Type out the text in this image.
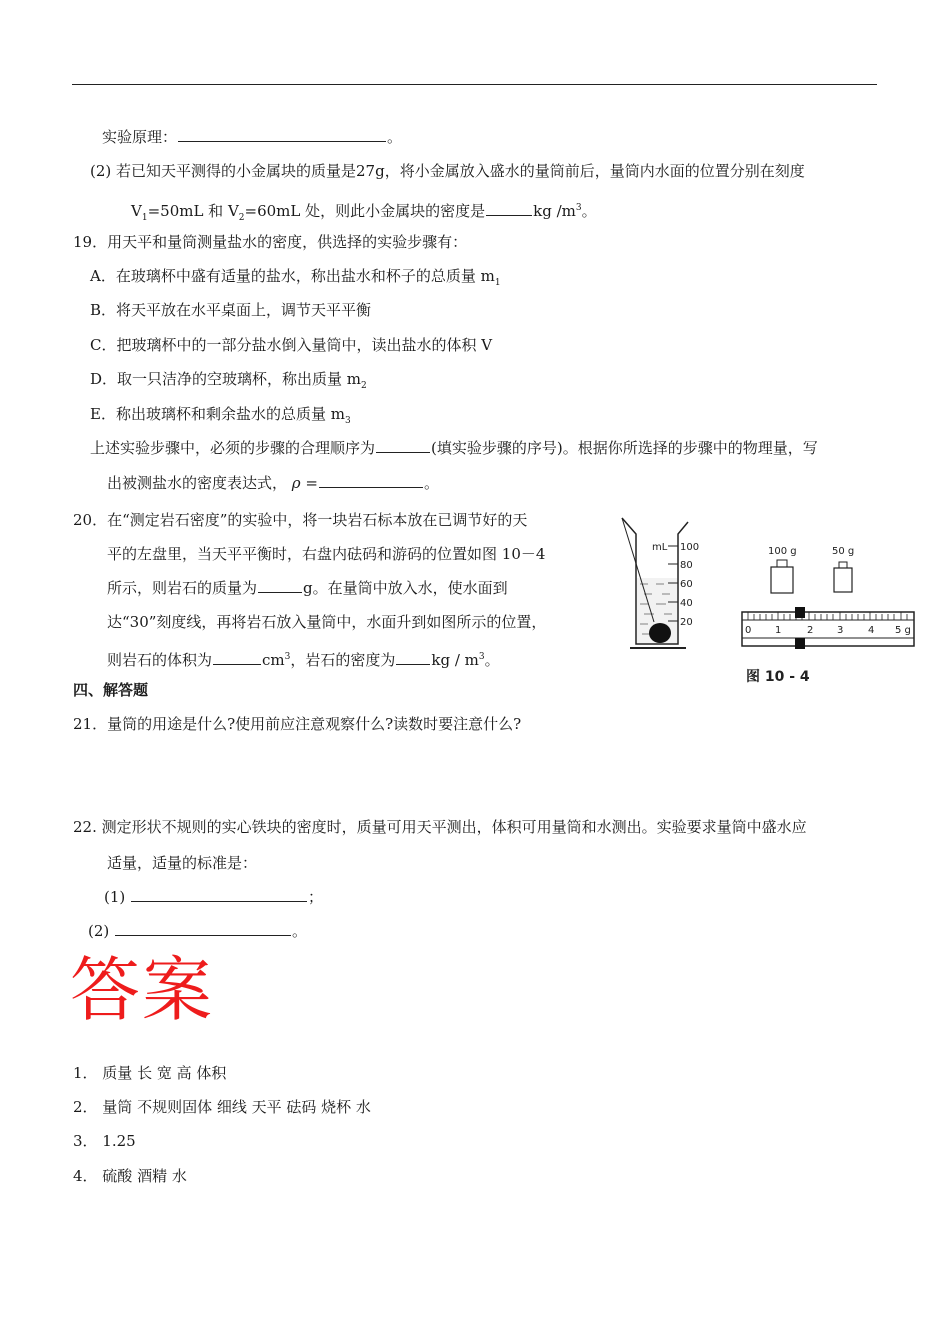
实验原理：	。
(2) 若已知天平测得的小金属块的质量是27g，将小金属放入盛水的量筒前后，量筒内水面的位置分别在刻度
$V_1=50mL$ 和 $V_2=60mL$ 处，则此小金属块的密度是	kg $/m^3$。
19．用天平和量筒测量盐水的密度，供选择的实验步骤有：
A．在玻璃杯中盛有适量的盐水，称出盐水和杯子的总质量 $m_1$
B．将天平放在水平桌面上，调节天平平衡
C．把玻璃杯中的一部分盐水倒入量筒中，读出盐水的体积 V
D．取一只洁净的空玻璃杯，称出质量 $m_2$
E．称出玻璃杯和剩余盐水的总质量 $m_3$
上述实验步骤中，必须的步骤的合理顺序为	(填实验步骤的序号)。根据你所选择的步骤中的物理量，写
出被测盐水的密度表达式， ρ =	。
20．在“测定岩石密度”的实验中，将一块岩石标本放在已调节好的天
平的左盘里，当天平平衡时，右盘内砝码和游码的位置如图 10－4
所示，则岩石的质量为	g。在量筒中放入水，使水面到
达“30”刻度线，再将岩石放入量筒中，水面升到如图所示的位置，
则岩石的体积为	$cm^3$，岩石的密度为 kg / $m^3$。
mL 100
80
60
40
20
100 g	50 g
0 1	2 3 4 5 g
图 10 - 4
四、解答题
21．量筒的用途是什么?使用前应注意观察什么?读数时要注意什么?
22. 测定形状不规则的实心铁块的密度时，质量可用天平测出，体积可用量筒和水测出。实验要求量筒中盛水应
适量，适量的标准是：
(1)	；
(2)	。
答案
1． 质量 长 宽 高 体积
2． 量筒 不规则固体 细线 天平 砝码 烧杯 水
3． 1.25
4． 硫酸 酒精 水
